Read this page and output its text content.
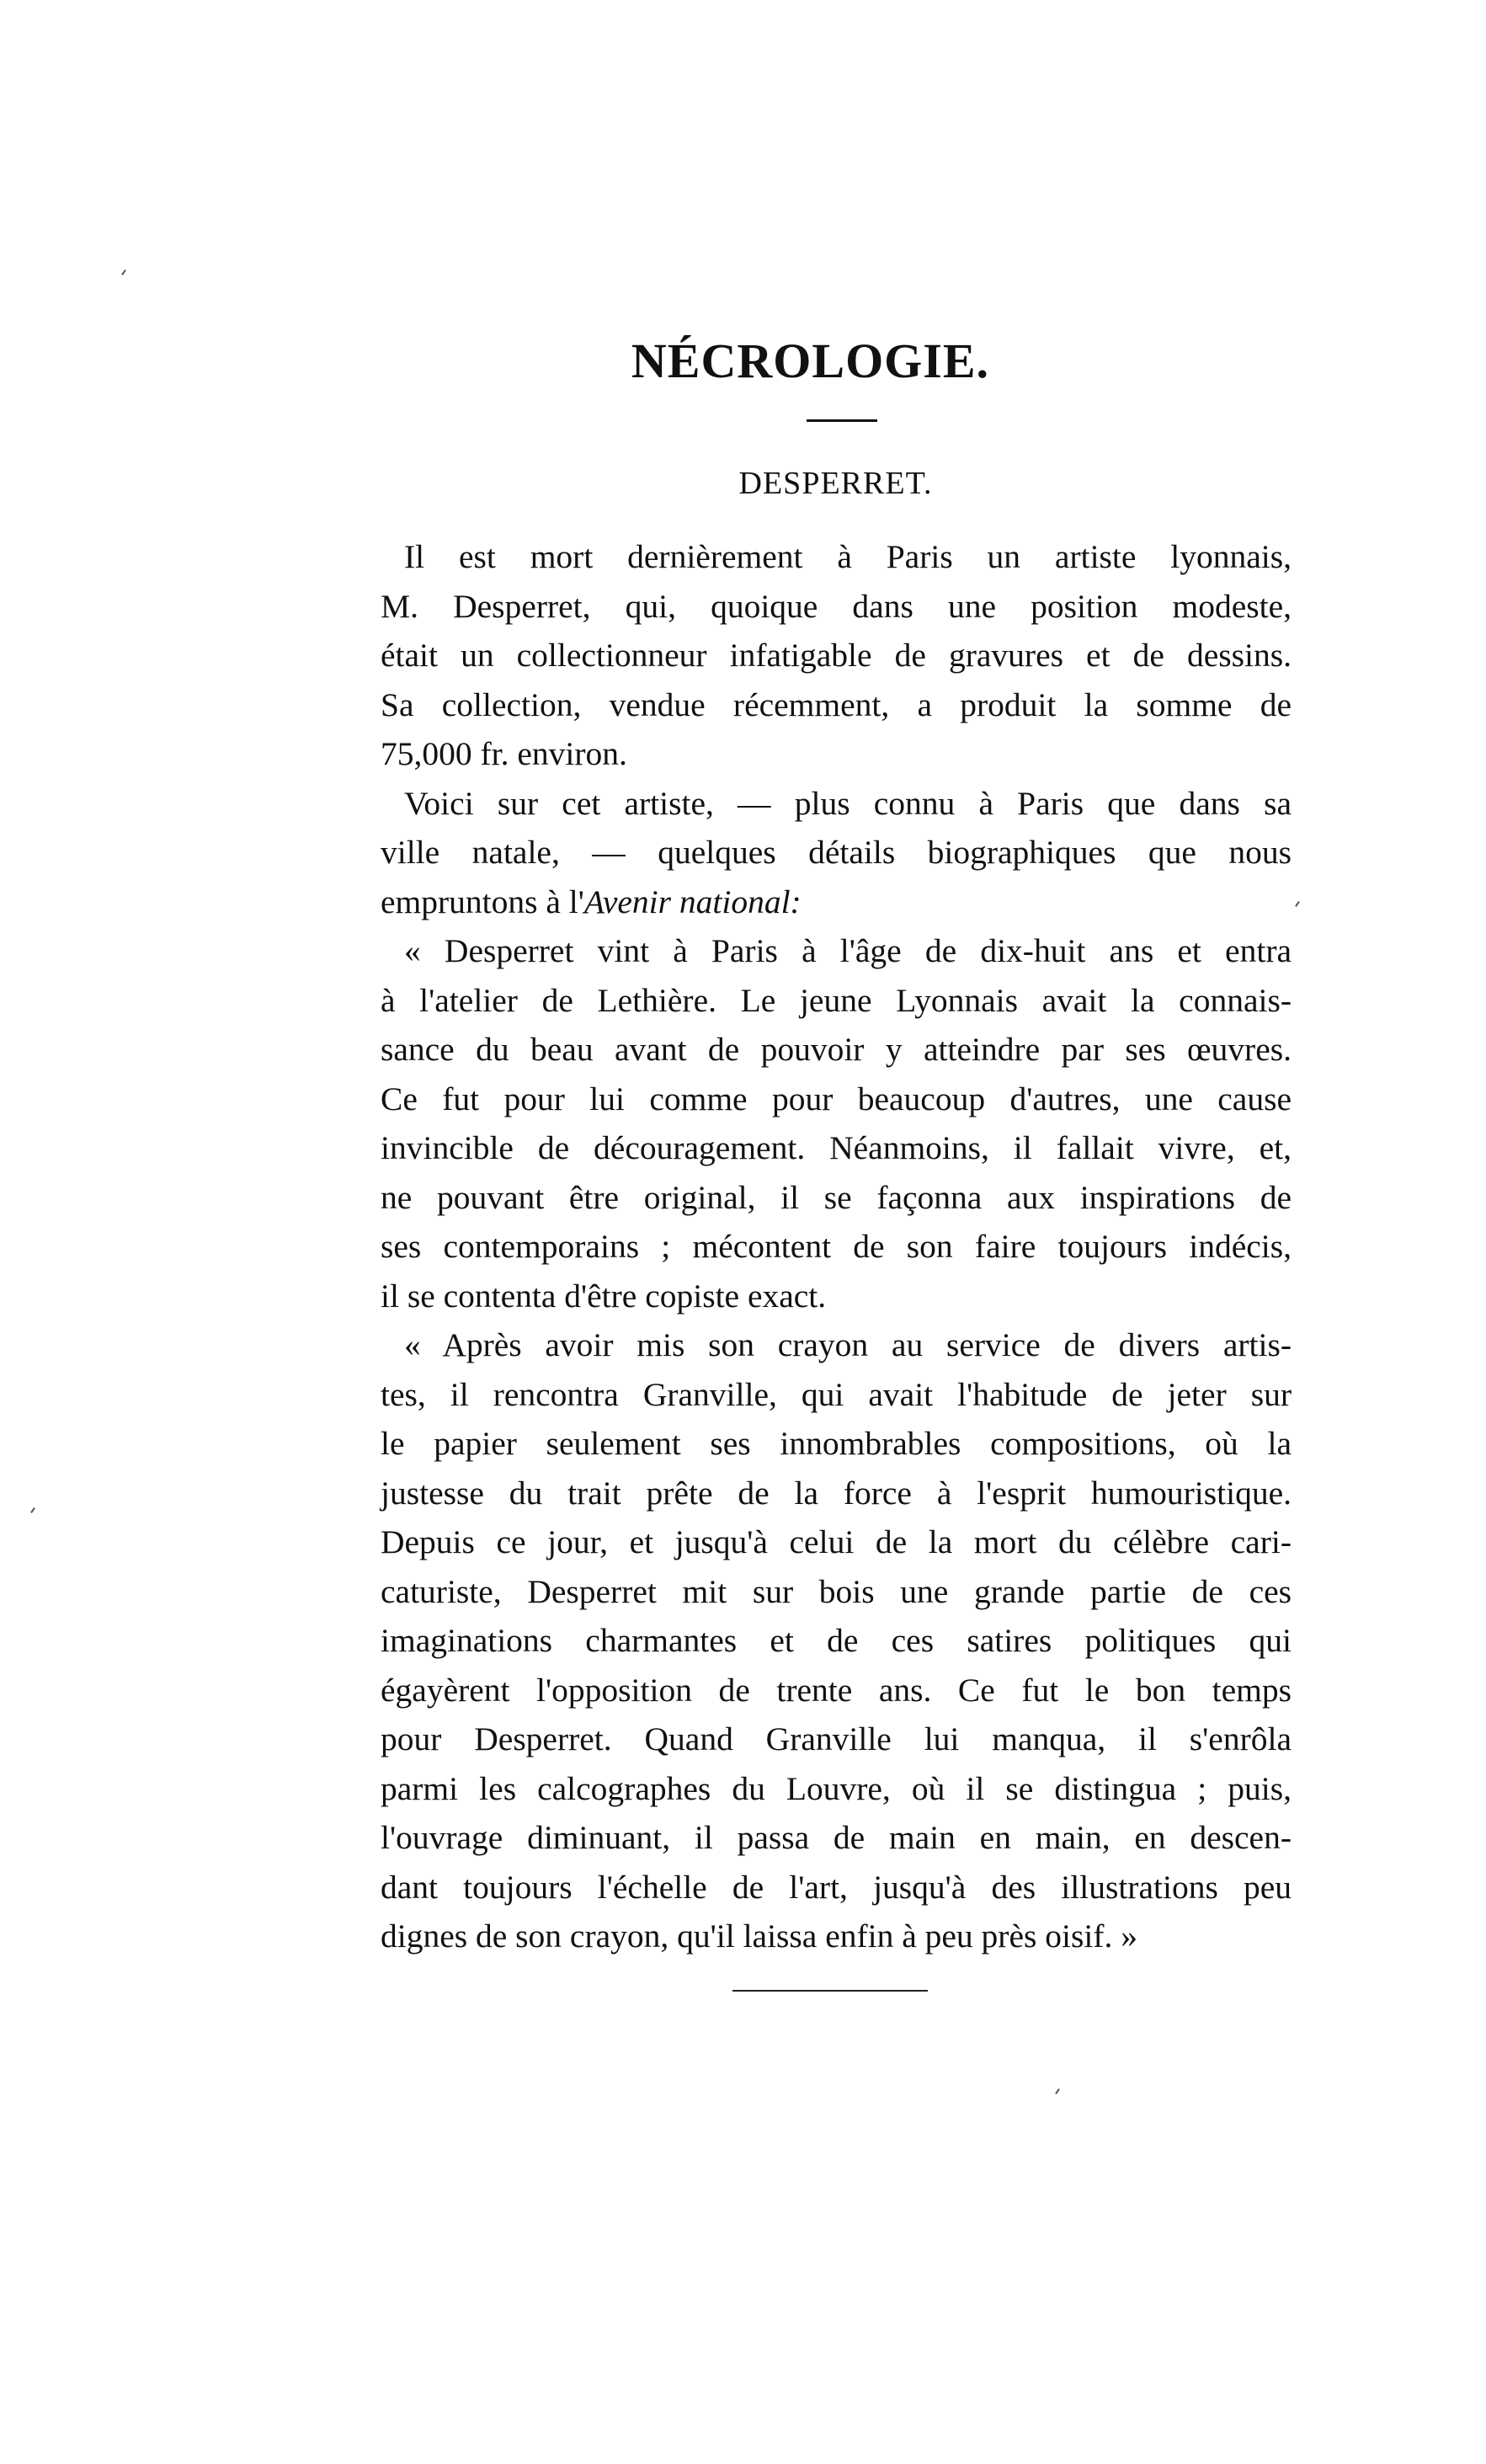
NÉCROLOGIE.
DESPERRET.
Il est mort dernièrement à Paris un artiste lyonnais,
M. Desperret, qui, quoique dans une position modeste,
était un collectionneur infatigable de gravures et de dessins.
Sa collection, vendue récemment, a produit la somme de
75,000 fr. environ.
Voici sur cet artiste, — plus connu à Paris que dans sa
ville natale, — quelques détails biographiques que nous
empruntons à l'Avenir national:
« Desperret vint à Paris à l'âge de dix-huit ans et entra
à l'atelier de Lethière. Le jeune Lyonnais avait la connais-
sance du beau avant de pouvoir y atteindre par ses œuvres.
Ce fut pour lui comme pour beaucoup d'autres, une cause
invincible de découragement. Néanmoins, il fallait vivre, et,
ne pouvant être original, il se façonna aux inspirations de
ses contemporains ; mécontent de son faire toujours indécis,
il se contenta d'être copiste exact.
« Après avoir mis son crayon au service de divers artis-
tes, il rencontra Granville, qui avait l'habitude de jeter sur
le papier seulement ses innombrables compositions, où la
justesse du trait prête de la force à l'esprit humouristique.
Depuis ce jour, et jusqu'à celui de la mort du célèbre cari-
caturiste, Desperret mit sur bois une grande partie de ces
imaginations charmantes et de ces satires politiques qui
égayèrent l'opposition de trente ans. Ce fut le bon temps
pour Desperret. Quand Granville lui manqua, il s'enrôla
parmi les calcographes du Louvre, où il se distingua ; puis,
l'ouvrage diminuant, il passa de main en main, en descen-
dant toujours l'échelle de l'art, jusqu'à des illustrations peu
dignes de son crayon, qu'il laissa enfin à peu près oisif. »
